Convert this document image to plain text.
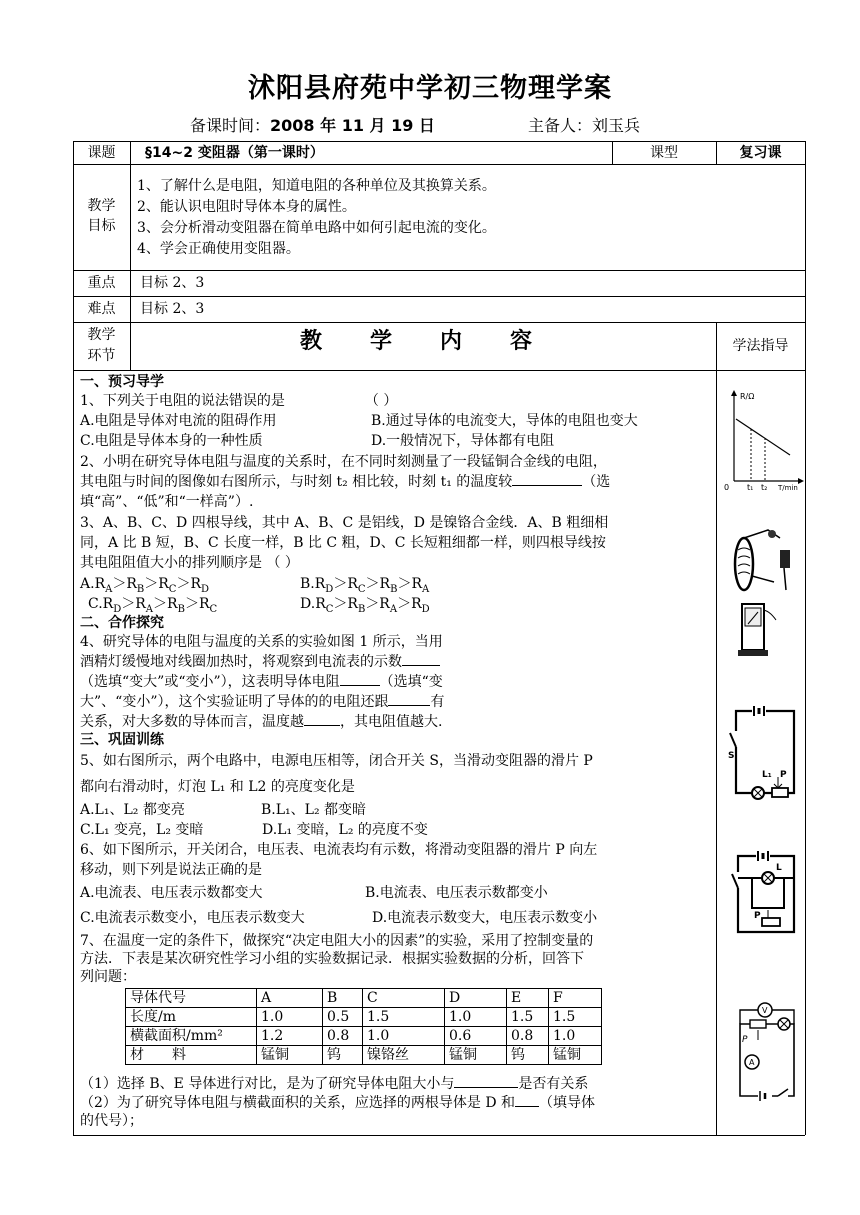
沭阳县府苑中学初三物理学案
备课时间：2008 年 11 月 19 日	主备人：刘玉兵
课题	§14~2 变阻器（第一课时）	课型	复习课
教学
目标
1、了解什么是电阻，知道电阻的各种单位及其换算关系。
2、能认识电阻时导体本身的属性。
3、会分析滑动变阻器在简单电路中如何引起电流的变化。
4、学会正确使用变阻器。
重点	目标 2、3
难点	目标 2、3
教学
环节
教学内容	学法指导
一、预习导学
1、下列关于电阻的说法错误的是	（ ）
A.电阻是导体对电流的阻碍作用	B.通过导体的电流变大，导体的电阻也变大
C.电阻是导体本身的一种性质	D.一般情况下，导体都有电阻
2、小明在研究导体电阻与温度的关系时，在不同时刻测量了一段锰铜合金线的电阻，
其电阻与时间的图像如右图所示，与时刻 t₂ 相比较，时刻 t₁ 的温度较	（选
填“高”、“低”和“一样高”）.
3、A、B、C、D 四根导线，其中 A、B、C 是铝线，D 是镍铬合金线．A、B 粗细相
同，A 比 B 短，B、C 长度一样，B 比 C 粗，D、C 长短粗细都一样，则四根导线按
其电阻阻值大小的排列顺序是 （ ）
$A.R_A>R_B>R_C>R_D$	$B.R_D>R_C>R_B>R_A$
$C.R_D>R_A>R_B>R_C$	$D.R_C>R_B>R_A>R_D$
二、合作探究
4、研究导体的电阻与温度的关系的实验如图 1 所示，当用
酒精灯缓慢地对线圈加热时，将观察到电流表的示数
（选填“变大”或“变小”），这表明导体电阻	（选填“变
大”、“变小”），这个实验证明了导体的的电阻还跟	有
关系，对大多数的导体而言，温度越	，其电阻值越大.
三、巩固训练
5、如右图所示，两个电路中，电源电压相等，闭合开关 S，当滑动变阻器的滑片 P
都向右滑动时，灯泡 L₁ 和 L2 的亮度变化是
A.L₁、L₂ 都变亮	B.L₁、L₂ 都变暗
C.L₁ 变亮，L₂ 变暗	D.L₁ 变暗，L₂ 的亮度不变
6、如下图所示，开关闭合，电压表、电流表均有示数，将滑动变阻器的滑片 P 向左
移动，则下列是说法正确的是
A.电流表、电压表示数都变大	B.电流表、电压表示数都变小
C.电流表示数变小，电压表示数变大	D.电流表示数变大，电压表示数变小
7、在温度一定的条件下，做探究“决定电阻大小的因素”的实验，采用了控制变量的
方法．下表是某次研究性学习小组的实验数据记录．根据实验数据的分析，回答下
列问题：
导体代号	A	B	C	D	E	F
长度/m	1.0	0.5	1.5	1.0	1.5	1.5
横截面积/mm²	1.2	0.8	1.0	0.6	0.8	1.0
材　　料	锰铜	钨	镍铬丝	锰铜	钨	锰铜
（1）选择 B、E 导体进行对比，是为了研究导体电阻大小与	是否有关系
（2）为了研究导体电阻与横截面积的关系，应选择的两根导体是 D 和 （填导体
的代号）；
R/Ω
0 t₁ t₂ T/min
S
L₁ P
L
P
V
P
A
